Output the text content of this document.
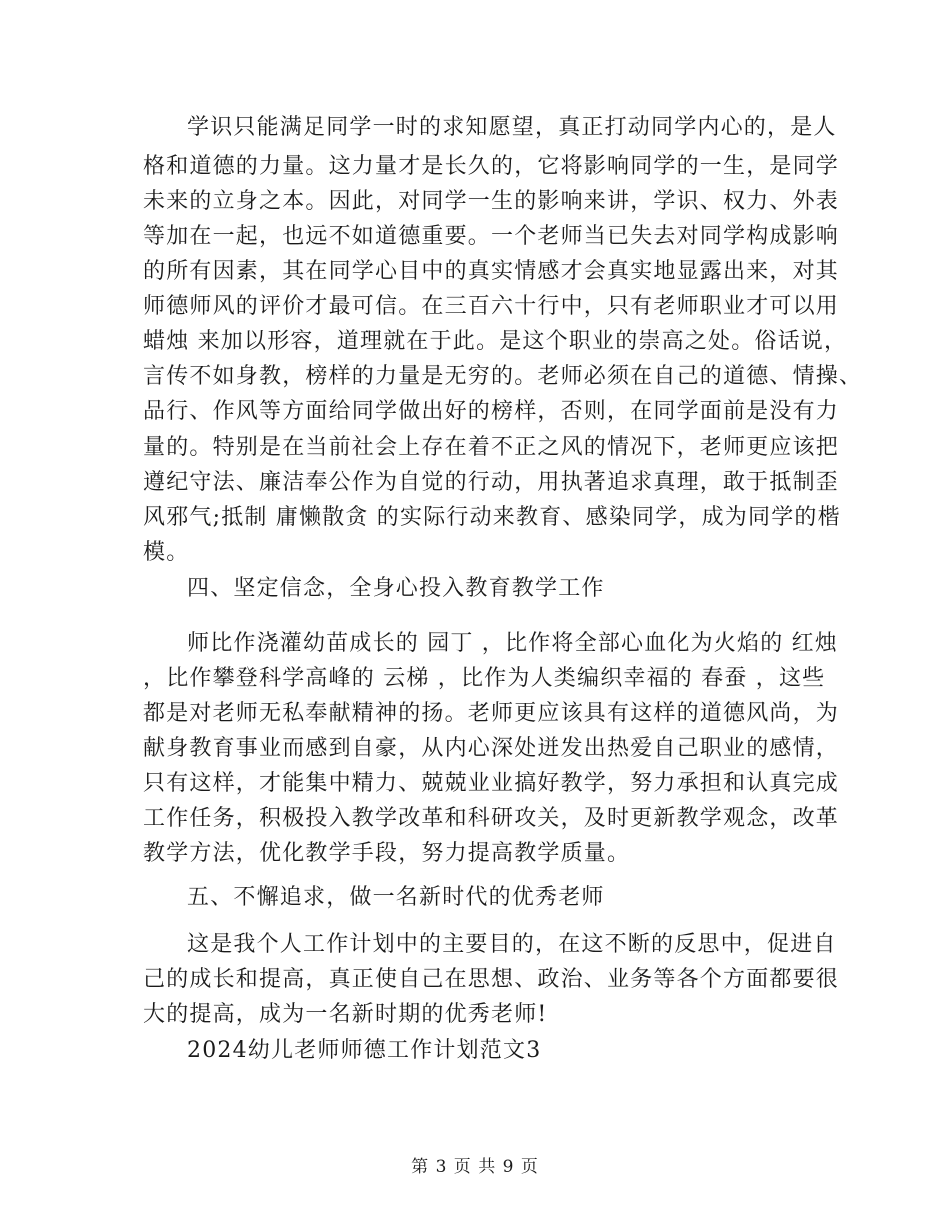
学识只能满足同学一时的求知愿望，真正打动同学内心的，是人
格和道德的力量。这力量才是长久的，它将影响同学的一生，是同学
未来的立身之本。因此，对同学一生的影响来讲，学识、权力、外表
等加在一起，也远不如道德重要。一个老师当已失去对同学构成影响
的所有因素，其在同学心目中的真实情感才会真实地显露出来，对其
师德师风的评价才最可信。在三百六十行中，只有老师职业才可以用
蜡烛 来加以形容，道理就在于此。是这个职业的崇高之处。俗话说，
言传不如身教，榜样的力量是无穷的。老师必须在自己的道德、情操、
品行、作风等方面给同学做出好的榜样，否则，在同学面前是没有力
量的。特别是在当前社会上存在着不正之风的情况下，老师更应该把
遵纪守法、廉洁奉公作为自觉的行动，用执著追求真理，敢于抵制歪
风邪气;抵制 庸懒散贪 的实际行动来教育、感染同学，成为同学的楷
模。
四、坚定信念，全身心投入教育教学工作
师比作浇灌幼苗成长的 园丁 ，比作将全部心血化为火焰的 红烛
，比作攀登科学高峰的 云梯 ，比作为人类编织幸福的 春蚕 ，这些
都是对老师无私奉献精神的扬。老师更应该具有这样的道德风尚，为
献身教育事业而感到自豪，从内心深处迸发出热爱自己职业的感情，
只有这样，才能集中精力、兢兢业业搞好教学，努力承担和认真完成
工作任务，积极投入教学改革和科研攻关，及时更新教学观念，改革
教学方法，优化教学手段，努力提高教学质量。
五、不懈追求，做一名新时代的优秀老师
这是我个人工作计划中的主要目的，在这不断的反思中，促进自
己的成长和提高，真正使自己在思想、政治、业务等各个方面都要很
大的提高，成为一名新时期的优秀老师!
2024幼儿老师师德工作计划范文3
第 3 页 共 9 页
